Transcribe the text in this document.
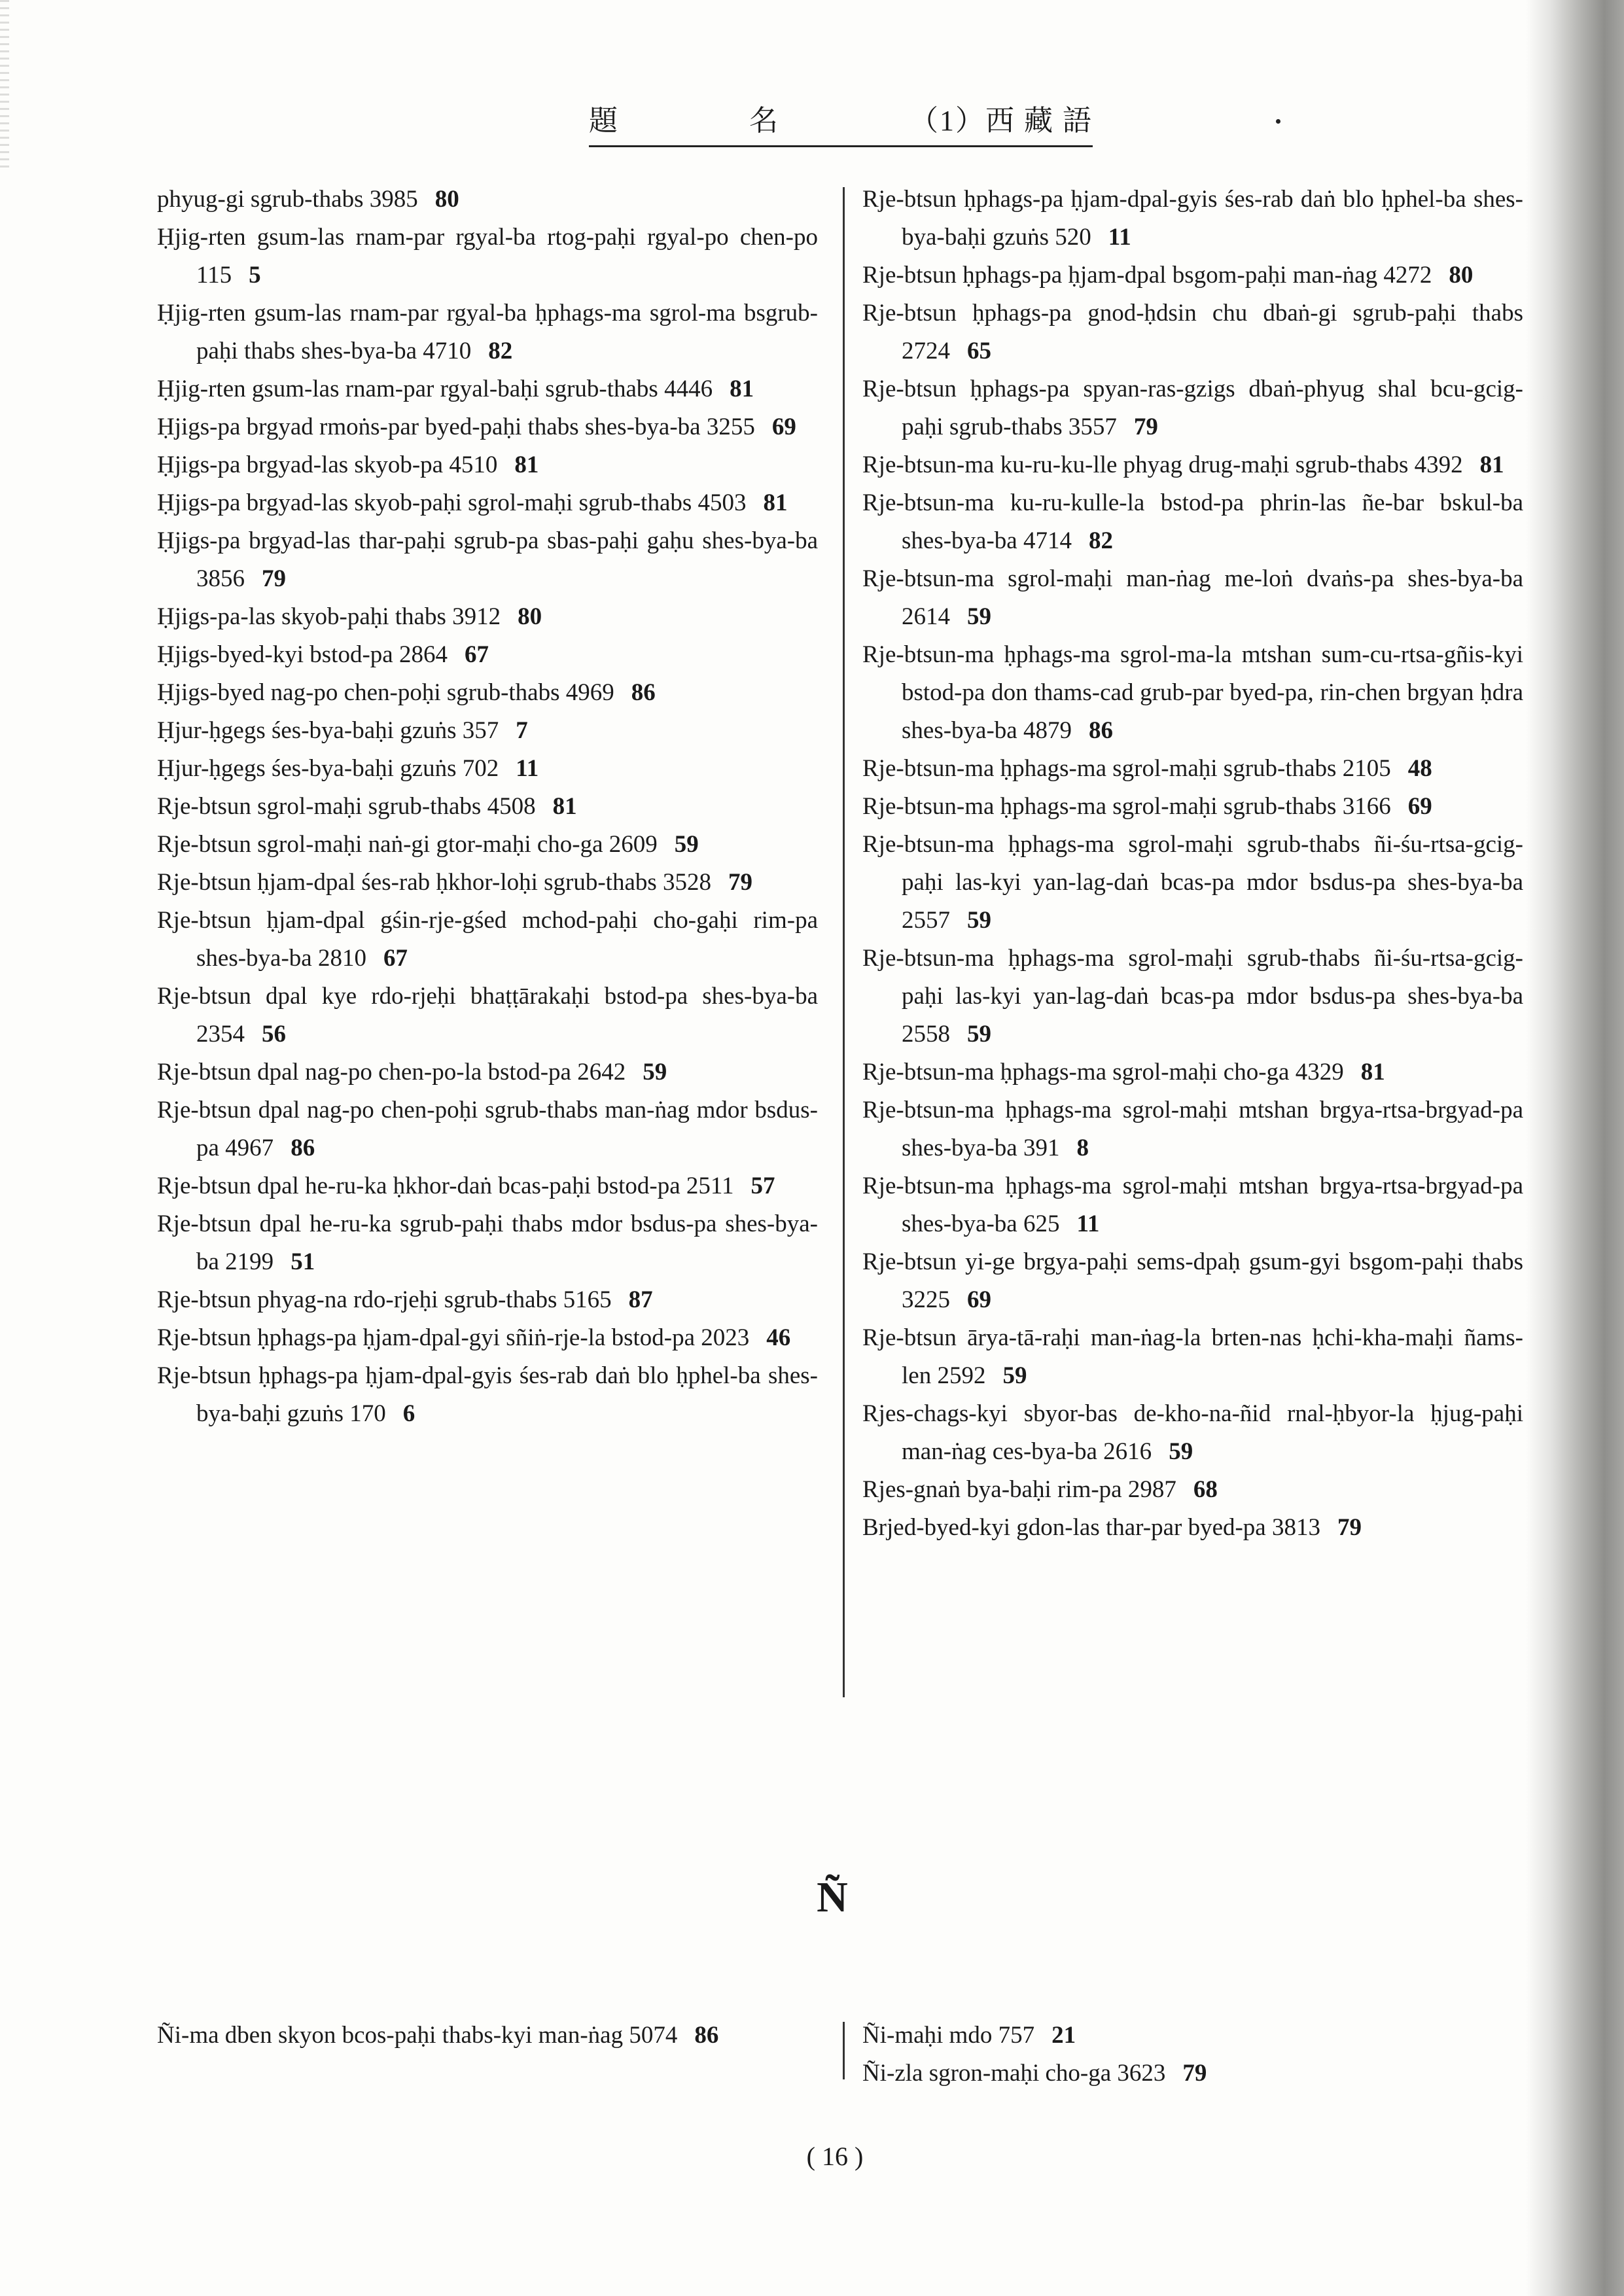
題	名	（1）西 藏 語
phyug-gi sgrub-thabs 3985 80
Ḥjig-rten gsum-las rnam-par rgyal-ba rtog-paḥi rgyal-po chen-po 115 5
Ḥjig-rten gsum-las rnam-par rgyal-ba ḥphags-ma sgrol-ma bsgrub-paḥi thabs shes-bya-ba 4710 82
Ḥjig-rten gsum-las rnam-par rgyal-baḥi sgrub-thabs 4446 81
Ḥjigs-pa brgyad rmoṅs-par byed-paḥi thabs shes-bya-ba 3255 69
Ḥjigs-pa brgyad-las skyob-pa 4510 81
Ḥjigs-pa brgyad-las skyob-paḥi sgrol-maḥi sgrub-thabs 4503 81
Ḥjigs-pa brgyad-las thar-paḥi sgrub-pa sbas-paḥi gaḥu shes-bya-ba 3856 79
Ḥjigs-pa-las skyob-paḥi thabs 3912 80
Ḥjigs-byed-kyi bstod-pa 2864 67
Ḥjigs-byed nag-po chen-poḥi sgrub-thabs 4969 86
Ḥjur-ḥgegs śes-bya-baḥi gzuṅs 357 7
Ḥjur-ḥgegs śes-bya-baḥi gzuṅs 702 11
Rje-btsun sgrol-maḥi sgrub-thabs 4508 81
Rje-btsun sgrol-maḥi naṅ-gi gtor-maḥi cho-ga 2609 59
Rje-btsun ḥjam-dpal śes-rab ḥkhor-loḥi sgrub-thabs 3528 79
Rje-btsun ḥjam-dpal gśin-rje-gśed mchod-paḥi cho-gaḥi rim-pa shes-bya-ba 2810 67
Rje-btsun dpal kye rdo-rjeḥi bhaṭṭārakaḥi bstod-pa shes-bya-ba 2354 56
Rje-btsun dpal nag-po chen-po-la bstod-pa 2642 59
Rje-btsun dpal nag-po chen-poḥi sgrub-thabs man-ṅag mdor bsdus-pa 4967 86
Rje-btsun dpal he-ru-ka ḥkhor-daṅ bcas-paḥi bstod-pa 2511 57
Rje-btsun dpal he-ru-ka sgrub-paḥi thabs mdor bsdus-pa shes-bya-ba 2199 51
Rje-btsun phyag-na rdo-rjeḥi sgrub-thabs 5165 87
Rje-btsun ḥphags-pa ḥjam-dpal-gyi sñiṅ-rje-la bstod-pa 2023 46
Rje-btsun ḥphags-pa ḥjam-dpal-gyis śes-rab daṅ blo ḥphel-ba shes-bya-baḥi gzuṅs 170 6
Rje-btsun ḥphags-pa ḥjam-dpal-gyis śes-rab daṅ blo ḥphel-ba shes-bya-baḥi gzuṅs 520 11
Rje-btsun ḥphags-pa ḥjam-dpal bsgom-paḥi man-ṅag 4272 80
Rje-btsun ḥphags-pa gnod-ḥdsin chu dbaṅ-gi sgrub-paḥi thabs 2724 65
Rje-btsun ḥphags-pa spyan-ras-gzigs dbaṅ-phyug shal bcu-gcig-paḥi sgrub-thabs 3557 79
Rje-btsun-ma ku-ru-ku-lle phyag drug-maḥi sgrub-thabs 4392 81
Rje-btsun-ma ku-ru-kulle-la bstod-pa phrin-las ñe-bar bskul-ba shes-bya-ba 4714 82
Rje-btsun-ma sgrol-maḥi man-ṅag me-loṅ dvaṅs-pa shes-bya-ba 2614 59
Rje-btsun-ma ḥphags-ma sgrol-ma-la mtshan sum-cu-rtsa-gñis-kyi bstod-pa don thams-cad grub-par byed-pa, rin-chen brgyan ḥdra shes-bya-ba 4879 86
Rje-btsun-ma ḥphags-ma sgrol-maḥi sgrub-thabs 2105 48
Rje-btsun-ma ḥphags-ma sgrol-maḥi sgrub-thabs 3166 69
Rje-btsun-ma ḥphags-ma sgrol-maḥi sgrub-thabs ñi-śu-rtsa-gcig-paḥi las-kyi yan-lag-daṅ bcas-pa mdor bsdus-pa shes-bya-ba 2557 59
Rje-btsun-ma ḥphags-ma sgrol-maḥi sgrub-thabs ñi-śu-rtsa-gcig-paḥi las-kyi yan-lag-daṅ bcas-pa mdor bsdus-pa shes-bya-ba 2558 59
Rje-btsun-ma ḥphags-ma sgrol-maḥi cho-ga 4329 81
Rje-btsun-ma ḥphags-ma sgrol-maḥi mtshan brgya-rtsa-brgyad-pa shes-bya-ba 391 8
Rje-btsun-ma ḥphags-ma sgrol-maḥi mtshan brgya-rtsa-brgyad-pa shes-bya-ba 625 11
Rje-btsun yi-ge brgya-paḥi sems-dpaḥ gsum-gyi bsgom-paḥi thabs 3225 69
Rje-btsun ārya-tā-raḥi man-ṅag-la brten-nas ḥchi-kha-maḥi ñams-len 2592 59
Rjes-chags-kyi sbyor-bas de-kho-na-ñid rnal-ḥbyor-la ḥjug-paḥi man-ṅag ces-bya-ba 2616 59
Rjes-gnaṅ bya-baḥi rim-pa 2987 68
Brjed-byed-kyi gdon-las thar-par byed-pa 3813 79
Ñ
Ñi-ma dben skyon bcos-paḥi thabs-kyi man-ṅag 5074 86	Ñi-maḥi mdo 757 21
Ñi-zla sgron-maḥi cho-ga 3623 79
( 16 )
